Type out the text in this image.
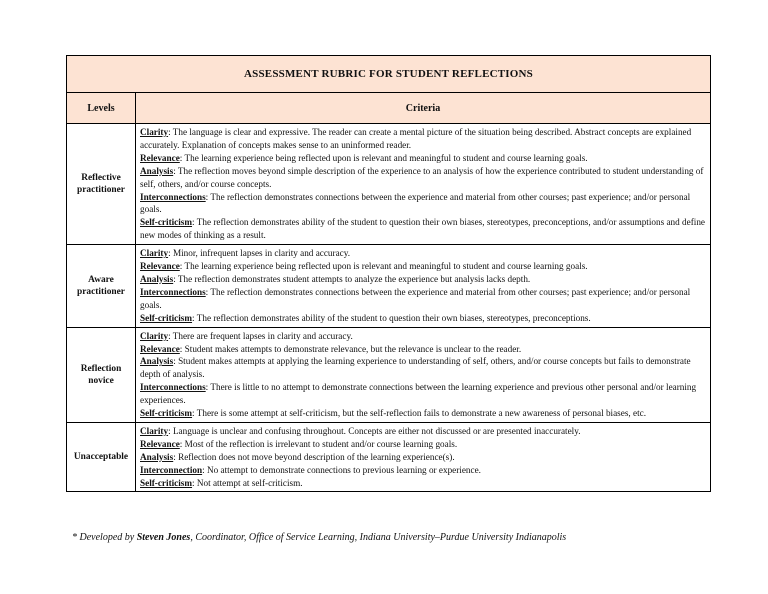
ASSESSMENT RUBRIC FOR STUDENT REFLECTIONS	
Levels	Criteria
Reflective practitioner	Clarity: The language is clear and expressive. The reader can create a mental picture of the situation being described. Abstract concepts are explained accurately. Explanation of concepts makes sense to an uninformed reader.

Relevance: The learning experience being reflected upon is relevant and meaningful to student and course learning goals.

Analysis: The reflection moves beyond simple description of the experience to an analysis of how the experience contributed to student understanding of self, others, and/or course concepts.

Interconnections: The reflection demonstrates connections between the experience and material from other courses; past experience; and/or personal goals.

Self-criticism: The reflection demonstrates ability of the student to question their own biases, stereotypes, preconceptions, and/or assumptions and define new modes of thinking as a result.

Aware practitioner	Clarity: Minor, infrequent lapses in clarity and accuracy.

Relevance: The learning experience being reflected upon is relevant and meaningful to student and course learning goals.

Analysis: The reflection demonstrates student attempts to analyze the experience but analysis lacks depth.

Interconnections: The reflection demonstrates connections between the experience and material from other courses; past experience; and/or personal goals.

Self-criticism: The reflection demonstrates ability of the student to question their own biases, stereotypes, preconceptions.

Reflection novice	Clarity: There are frequent lapses in clarity and accuracy.

Relevance: Student makes attempts to demonstrate relevance, but the relevance is unclear to the reader.

Analysis: Student makes attempts at applying the learning experience to understanding of self, others, and/or course concepts but fails to demonstrate depth of analysis.

Interconnections: There is little to no attempt to demonstrate connections between the learning experience and previous other personal and/or learning experiences.

Self-criticism: There is some attempt at self-criticism, but the self-reflection fails to demonstrate a new awareness of personal biases, etc.

Unacceptable	Clarity: Language is unclear and confusing throughout. Concepts are either not discussed or are presented inaccurately.

Relevance: Most of the reflection is irrelevant to student and/or course learning goals.

Analysis: Reflection does not move beyond description of the learning experience(s).

Interconnection: No attempt to demonstrate connections to previous learning or experience.

Self-criticism: Not attempt at self-criticism.

* Developed by Steven Jones, Coordinator, Office of Service Learning, Indiana University–Purdue University Indianapolis
